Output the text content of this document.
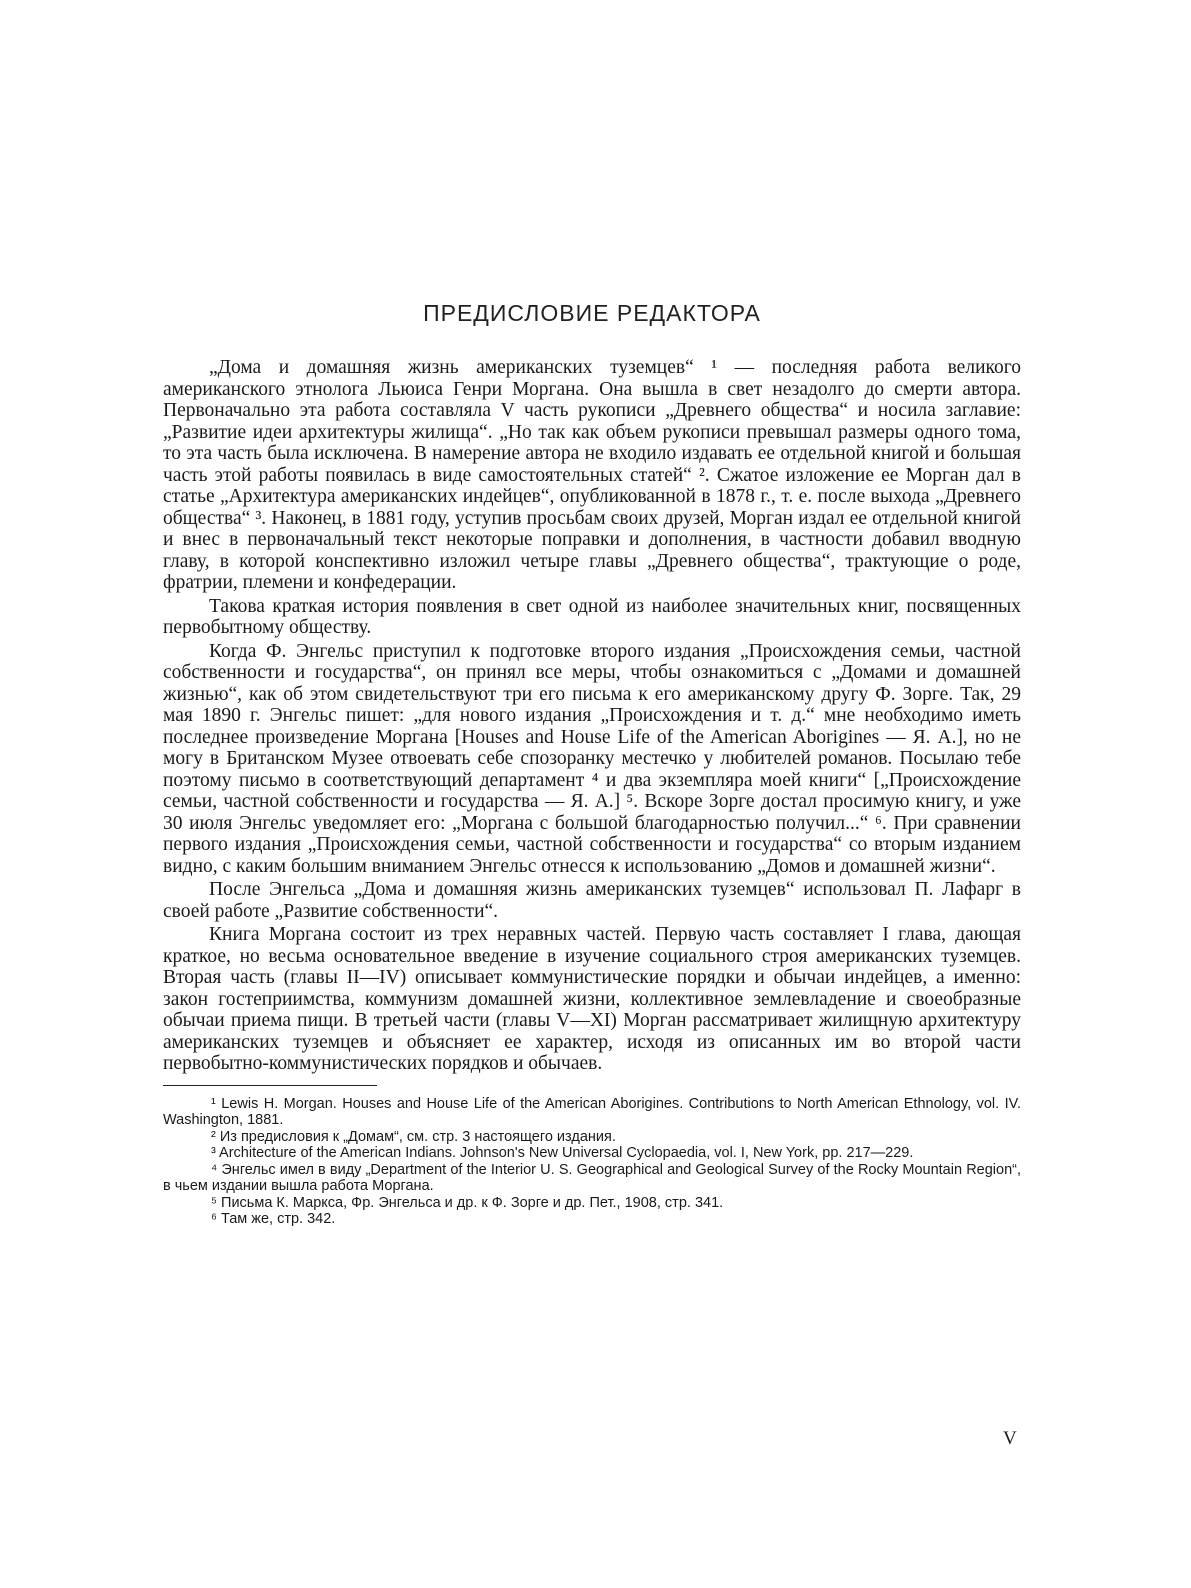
ПРЕДИСЛОВИЕ РЕДАКТОРА

„Дома и домашняя жизнь американских туземцев“ ¹ — последняя работа великого американского этнолога Льюиса Генри Моргана. Она вышла в свет незадолго до смерти автора. Первоначально эта работа составляла V часть рукописи „Древнего общества“ и носила заглавие: „Развитие идеи архитектуры жилища“. „Но так как объем рукописи превышал размеры одного тома, то эта часть была исключена. В намерение автора не входило издавать ее отдельной книгой и большая часть этой работы появилась в виде самостоятельных статей“ ². Сжатое изложение ее Морган дал в статье „Архитектура американских индейцев“, опубликованной в 1878 г., т. е. после выхода „Древнего общества“ ³. Наконец, в 1881 году, уступив просьбам своих друзей, Морган издал ее отдельной книгой и внес в первоначальный текст некоторые поправки и дополнения, в частности добавил вводную главу, в которой конспективно изложил четыре главы „Древнего общества“, трактующие о роде, фратрии, племени и конфедерации.

Такова краткая история появления в свет одной из наиболее значительных книг, посвященных первобытному обществу.

Когда Ф. Энгельс приступил к подготовке второго издания „Происхождения семьи, частной собственности и государства“, он принял все меры, чтобы ознакомиться с „Домами и домашней жизнью“, как об этом свидетельствуют три его письма к его американскому другу Ф. Зорге. Так, 29 мая 1890 г. Энгельс пишет: „для нового издания „Происхождения и т. д.“ мне необходимо иметь последнее произведение Моргана [Houses and House Life of the American Aborigines — Я. А.], но не могу в Британском Музее отвоевать себе спозоранку местечко у любителей романов. Посылаю тебе поэтому письмо в соответствующий департамент ⁴ и два экземпляра моей книги“ [„Происхождение семьи, частной собственности и государства — Я. А.] ⁵. Вскоре Зорге достал просимую книгу, и уже 30 июля Энгельс уведомляет его: „Моргана с большой благодарностью получил...“ ⁶. При сравнении первого издания „Происхождения семьи, частной собственности и государства“ со вторым изданием видно, с каким большим вниманием Энгельс отнесся к использованию „Домов и домашней жизни“.

После Энгельса „Дома и домашняя жизнь американских туземцев“ использовал П. Лафарг в своей работе „Развитие собственности“.

Книга Моргана состоит из трех неравных частей. Первую часть составляет I глава, дающая краткое, но весьма основательное введение в изучение социального строя американских туземцев. Вторая часть (главы II—IV) описывает коммунистические порядки и обычаи индейцев, а именно: закон гостеприимства, коммунизм домашней жизни, коллективное землевладение и своеобразные обычаи приема пищи. В третьей части (главы V—XI) Морган рассматривает жилищную архитектуру американских туземцев и объясняет ее характер, исходя из описанных им во второй части первобытно-коммунистических порядков и обычаев.

¹ Lewis H. Morgan. Houses and House Life of the American Aborigines. Contributions to North American Ethnology, vol. IV. Washington, 1881.

² Из предисловия к „Домам“, см. стр. 3 настоящего издания.

³ Architecture of the American Indians. Johnson's New Universal Cyclopaedia, vol. I, New York, pp. 217—229.

⁴ Энгельс имел в виду „Department of the Interior U. S. Geographical and Geological Survey of the Rocky Mountain Region“, в чьем издании вышла работа Моргана.

⁵ Письма К. Маркса, Фр. Энгельса и др. к Ф. Зорге и др. Пет., 1908, стр. 341.

⁶ Там же, стр. 342.

V
